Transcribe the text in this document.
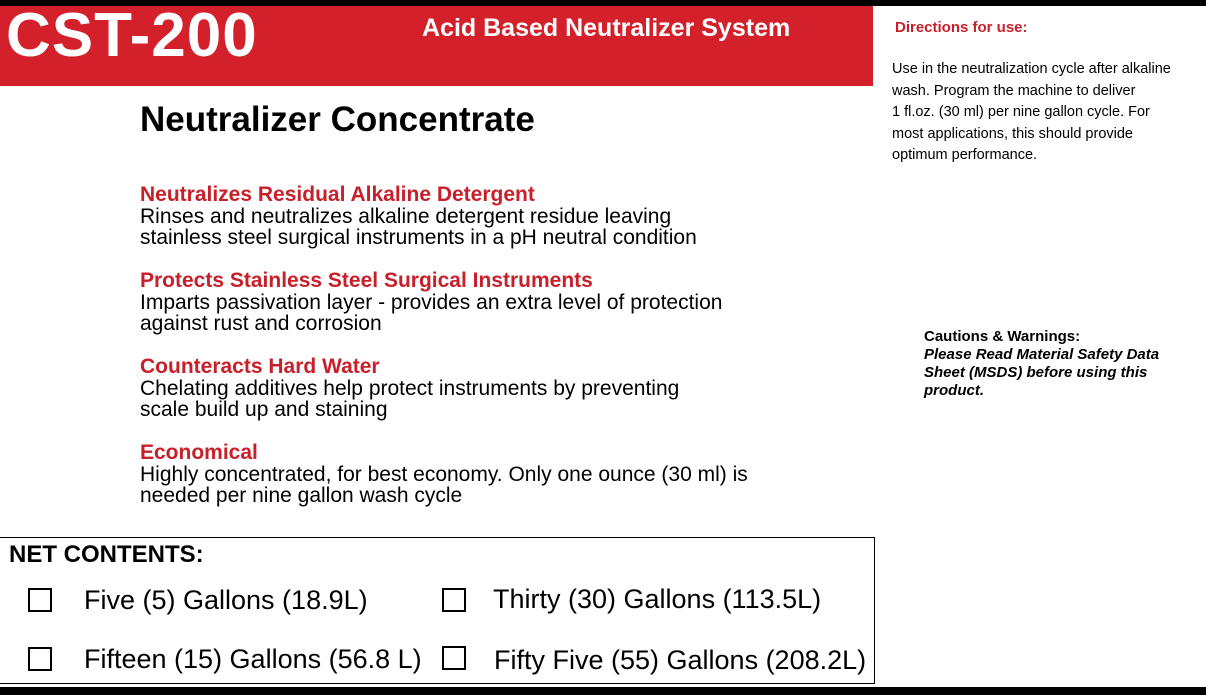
CST-200	Acid Based Neutralizer System
Neutralizer Concentrate
Neutralizes Residual Alkaline Detergent

Rinses and neutralizes alkaline detergent residue leaving

stainless steel surgical instruments in a pH neutral condition

Protects Stainless Steel Surgical Instruments

Imparts passivation layer - provides an extra level of protection

against rust and corrosion

Counteracts Hard Water

Chelating additives help protect instruments by preventing

scale build up and staining

Economical

Highly concentrated, for best economy. Only one ounce (30 ml) is

needed per nine gallon wash cycle

Directions for use:
Use in the neutralization cycle after alkaline
wash. Program the machine to deliver
1 fl.oz. (30 ml) per nine gallon cycle. For
most applications, this should provide
optimum performance.
Cautions & Warnings:
Please Read Material Safety Data
Sheet (MSDS) before using this
product.
NET CONTENTS:
Five (5) Gallons (18.9L)	Thirty (30) Gallons (113.5L)
Fifteen (15) Gallons (56.8 L)	Fifty Five (55) Gallons (208.2L)
